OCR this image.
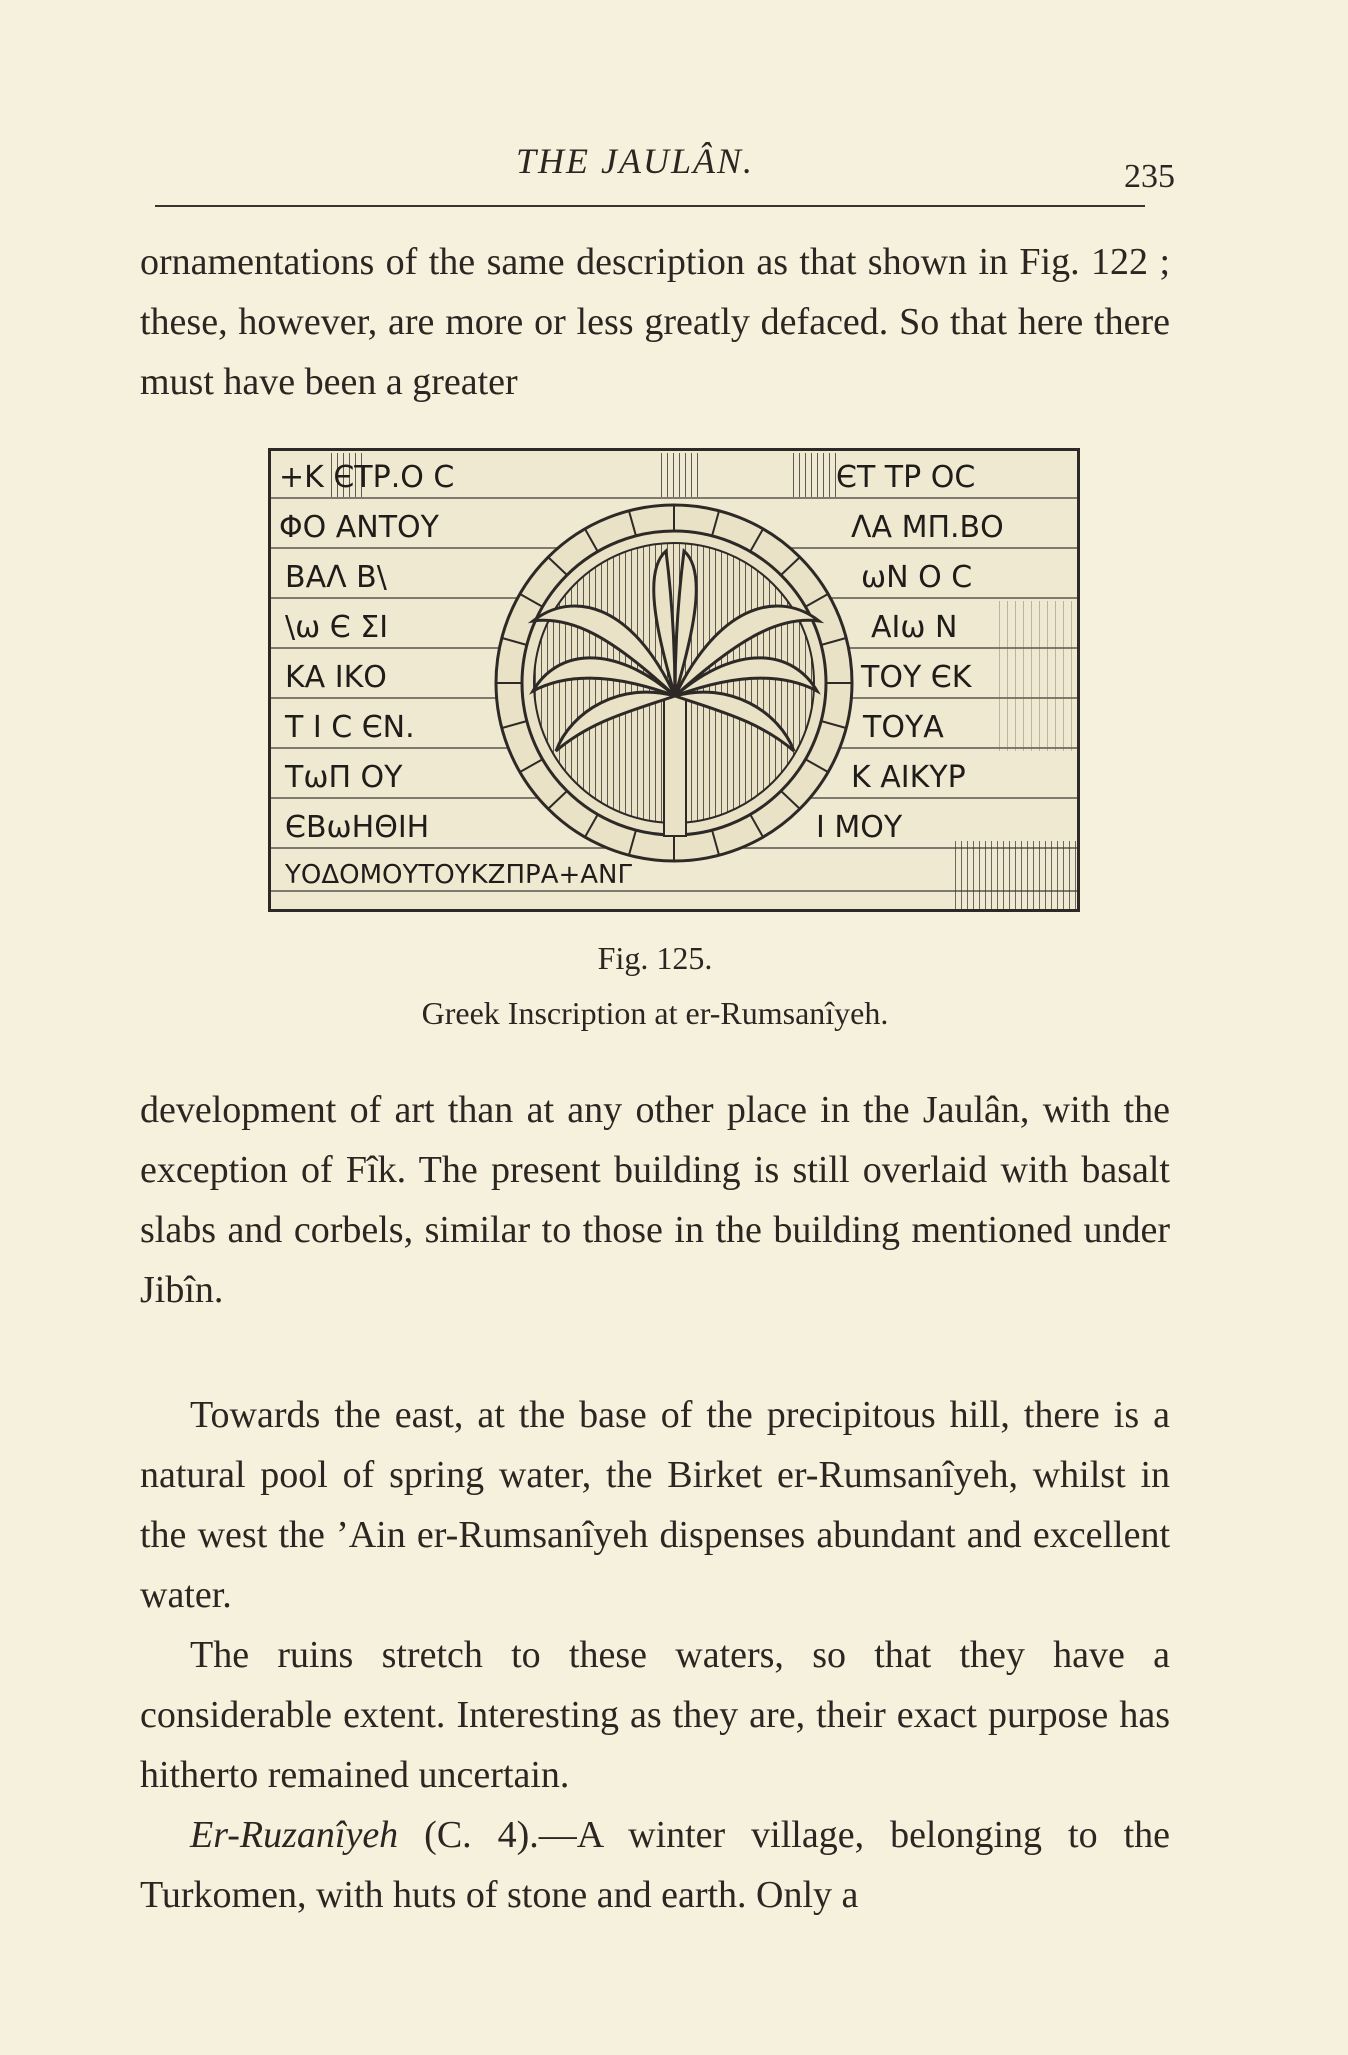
THE JAULÂN.	235

ornamentations of the same description as that shown in Fig. 122 ; these, however, are more or less greatly defaced. So that here there must have been a greater

+K ЄΤΡ.Ο C	ЄΤ ΤΡ ΟC
ΦΟ ΑΝΤΟΥ	ΛΑ ΜΠ.ΒΟ
ΒΑΛ Β\	ωΝ Ο C
\ω Є ΣΙ	ΑΙω Ν
ΚΑ ΙΚΟ	ΤΟΥ ЄΚ
Τ Ι C ЄΝ.	ΤΟΥΑ
ΤωΠ ΟΥ	Κ ΑΙΚΥΡ
ЄΒωΗΘΙΗ	Ι ΜΟΥ
ΥΟΔΟΜΟΥΤΟΥΚΖΠΡΑ+ΑΝΓ

Fig. 125.

Greek Inscription at er-Rumsanîyeh.

development of art than at any other place in the Jaulân, with the exception of Fîk. The present building is still overlaid with basalt slabs and corbels, similar to those in the building mentioned under Jibîn.

Towards the east, at the base of the precipitous hill, there is a natural pool of spring water, the Birket er-Rumsanîyeh, whilst in the west the ’Ain er-Rumsanîyeh dispenses abundant and excellent water.

The ruins stretch to these waters, so that they have a considerable extent. Interesting as they are, their exact purpose has hitherto remained uncertain.

Er-Ruzanîyeh (C. 4).—A winter village, belonging to the Turkomen, with huts of stone and earth. Only a
